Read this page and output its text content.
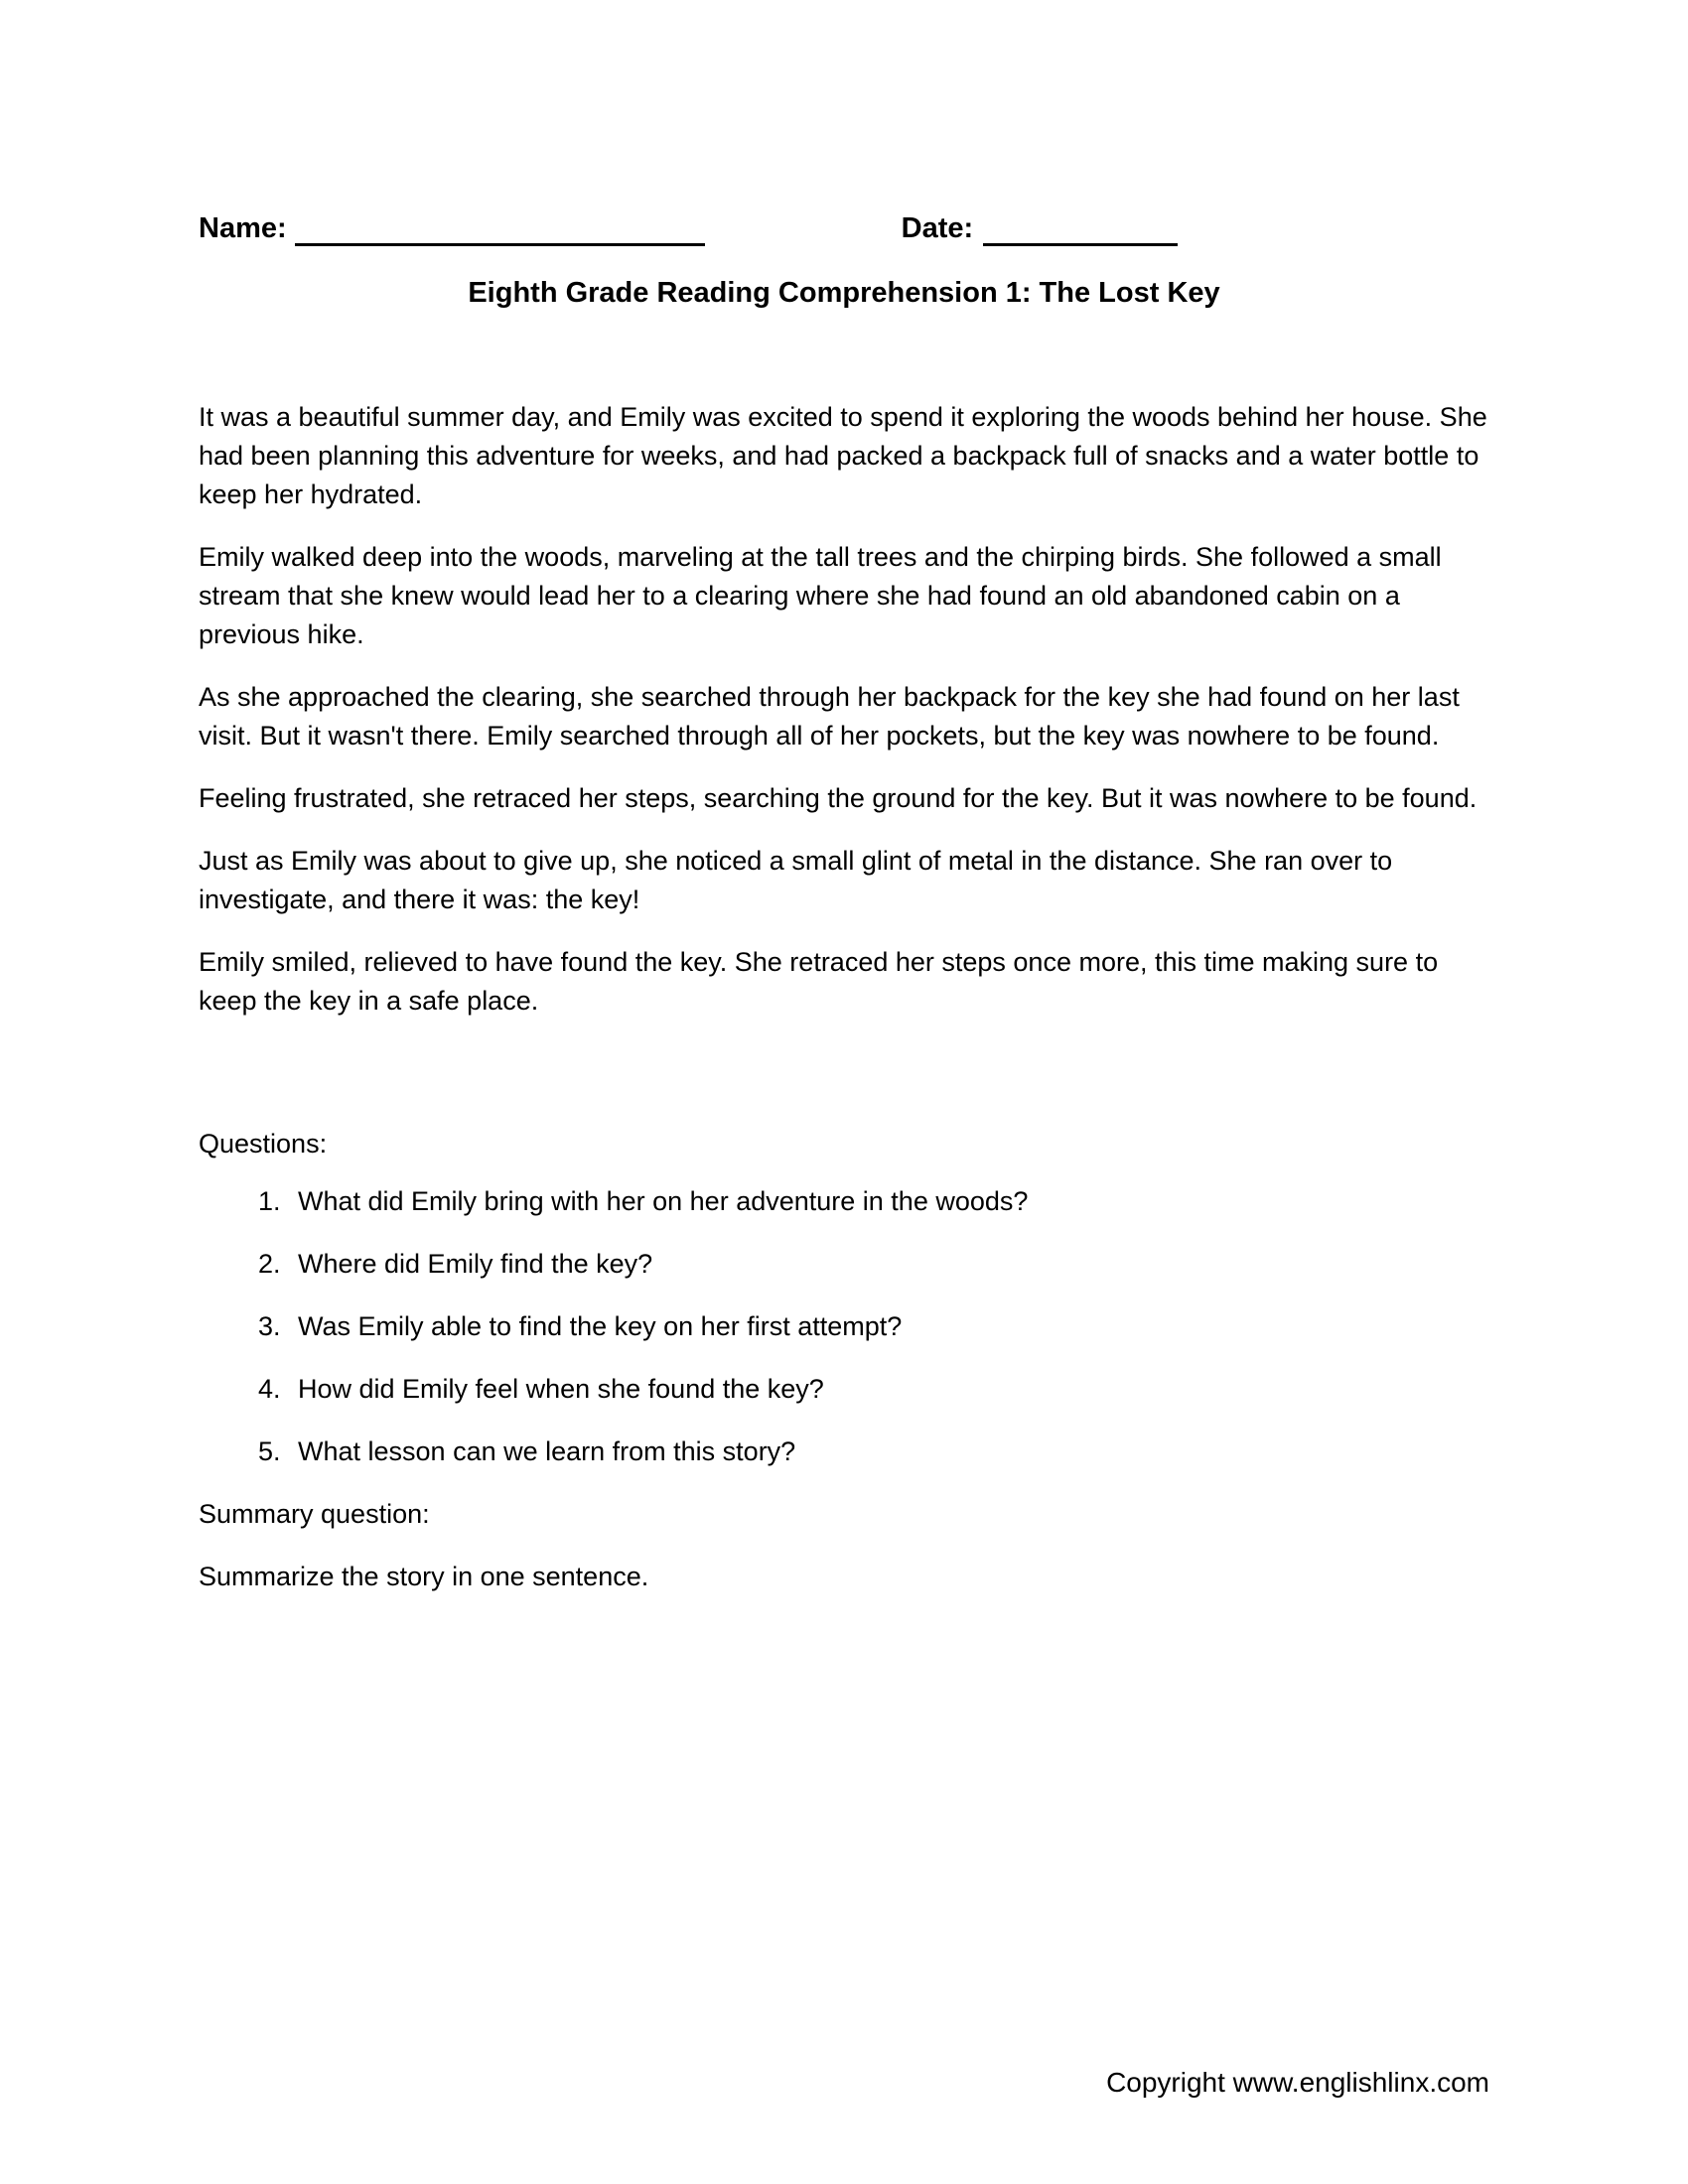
Name:	Date:
Eighth Grade Reading Comprehension 1: The Lost Key

It was a beautiful summer day, and Emily was excited to spend it exploring the woods behind her house. She had been planning this adventure for weeks, and had packed a backpack full of snacks and a water bottle to keep her hydrated.

Emily walked deep into the woods, marveling at the tall trees and the chirping birds. She followed a small stream that she knew would lead her to a clearing where she had found an old abandoned cabin on a previous hike.

As she approached the clearing, she searched through her backpack for the key she had found on her last visit. But it wasn't there. Emily searched through all of her pockets, but the key was nowhere to be found.

Feeling frustrated, she retraced her steps, searching the ground for the key. But it was nowhere to be found.

Just as Emily was about to give up, she noticed a small glint of metal in the distance. She ran over to investigate, and there it was: the key!

Emily smiled, relieved to have found the key. She retraced her steps once more, this time making sure to keep the key in a safe place.

Questions:
1. What did Emily bring with her on her adventure in the woods?
2. Where did Emily find the key?
3. Was Emily able to find the key on her first attempt?
4. How did Emily feel when she found the key?
5. What lesson can we learn from this story?
Summary question:
Summarize the story in one sentence.
Copyright www.englishlinx.com
